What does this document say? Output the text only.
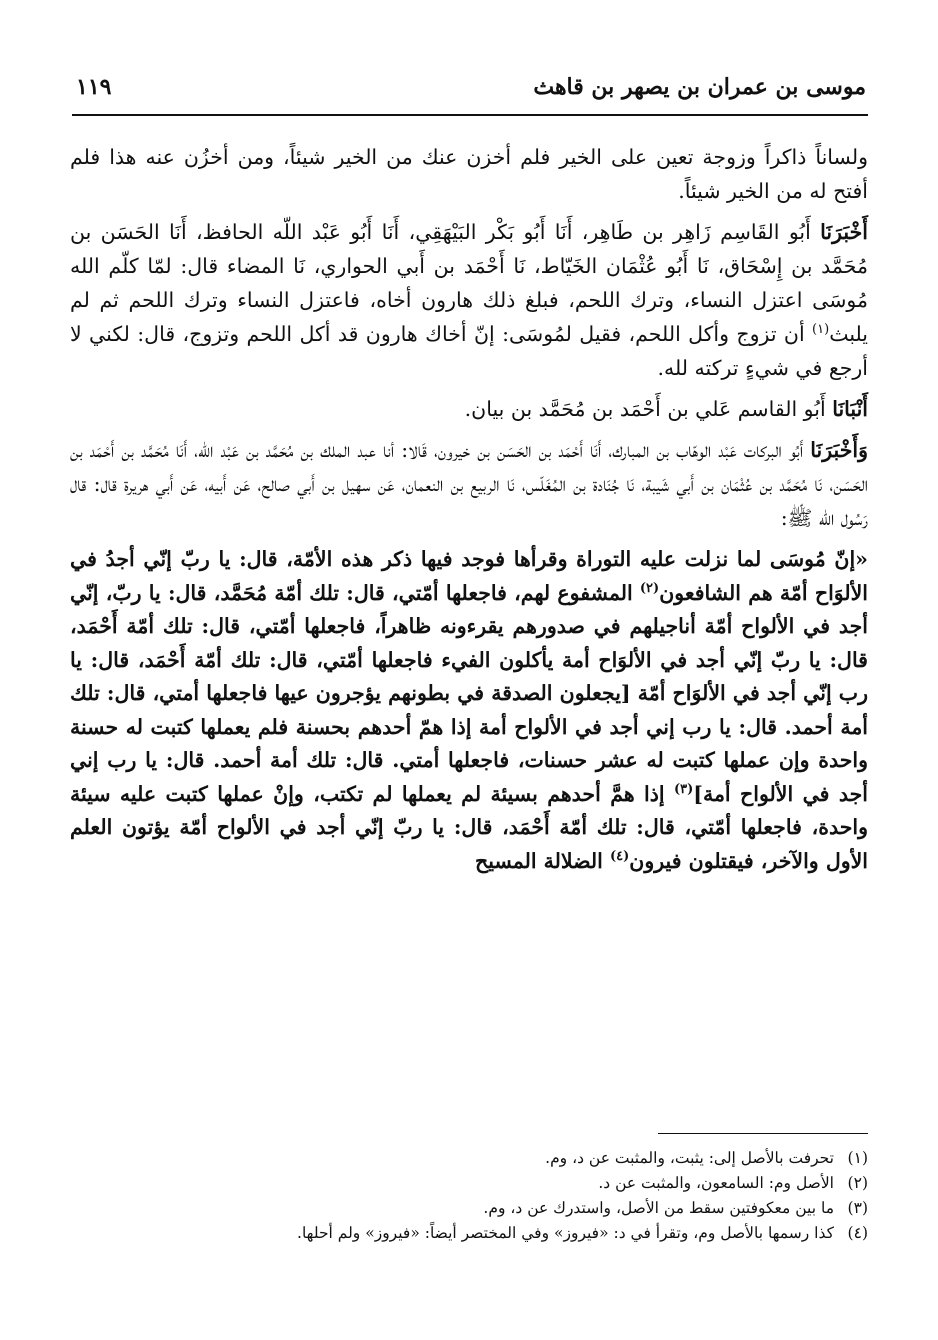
١١٩	موسى بن عمران بن يصهر بن قاهث

ولساناً ذاكراً وزوجة تعين على الخير فلم أخزن عنك من الخير شيئاً، ومن أخزُن عنه هذا فلم أفتح له من الخير شيئاً.

أَخْبَرَنَا أَبُو القَاسِم زَاهِر بن طَاهِر، أَنَا أَبُو بَكْر البَيْهَقِي، أَنَا أَبُو عَبْد اللّه الحافظ، أَنَا الحَسَن بن مُحَمَّد بن إِسْحَاق، نَا أَبُو عُثْمَان الخَيّاط، نَا أَحْمَد بن أَبي الحواري، نَا المضاء قال: لمّا كلّم الله مُوسَى اعتزل النساء، وترك اللحم، فبلغ ذلك هارون أخاه، فاعتزل النساء وترك اللحم ثم لم يلبث$^{(١)}$ أن تزوج وأكل اللحم، فقيل لمُوسَى: إنّ أخاك هارون قد أكل اللحم وتزوج، قال: لكني لا أرجع في شيءٍ تركته لله.

أَنْبَانَا أَبُو القاسم عَلي بن أَحْمَد بن مُحَمَّد بن بيان.

وَأَخْبَرَنَا أَبُو البركات عَبْد الوهّاب بن المبارك، أَنَا أَحْمَد بن الحَسَن بن خيرون، قَالا: أنا عبد الملك بن مُحَمَّد بن عَبْد اللّه، أَنَا مُحَمَّد بن أَحْمَد بن الحَسَن، نَا مُحَمَّد بن عُثْمَان بن أَبي شَيبة، نَا جُنَادة بن المُغَلّس، نَا الربيع بن النعمان، عَن سهيل بن أَبي صالح، عَن أَبيه، عَن أَبي هريرة قال: قال رَسُول الله ﷺ:

«إنّ مُوسَى لما نزلت عليه التوراة وقرأها فوجد فيها ذكر هذه الأمّة، قال: يا ربّ إنّي أجدُ في الألوَاح أمّة هم الشافعون$^{(٢)}$ المشفوع لهم، فاجعلها أمّتي، قال: تلك أمّة مُحَمَّد، قال: يا ربّ، إنّي أجد في الألواح أمّة أناجيلهم في صدورهم يقرءونه ظاهراً، فاجعلها أمّتي، قال: تلك أمّة أَحْمَد، قال: يا ربّ إنّي أجد في الألوَاح أمة يأكلون الفيء فاجعلها أمّتي، قال: تلك أمّة أَحْمَد، قال: يا رب إنّي أجد في الألوَاح أمّة [يجعلون الصدقة في بطونهم يؤجرون عيها فاجعلها أمتي، قال: تلك أمة أحمد. قال: يا رب إني أجد في الألواح أمة إذا همّ أحدهم بحسنة فلم يعملها كتبت له حسنة واحدة وإن عملها كتبت له عشر حسنات، فاجعلها أمتي. قال: تلك أمة أحمد. قال: يا رب إني أجد في الألواح أمة]$^{(٣)}$ إذا همَّ أحدهم بسيئة لم يعملها لم تكتب، وإنْ عملها كتبت عليه سيئة واحدة، فاجعلها أمّتي، قال: تلك أمّة أَحْمَد، قال: يا ربّ إنّي أجد في الألواح أمّة يؤتون العلم الأول والآخر، فيقتلون فيرون$^{(٤)}$ الضلالة المسيح

(١)تحرفت بالأصل إلى: يثبت، والمثبت عن د، وم.
(٢)الأصل وم: السامعون، والمثبت عن د.
(٣)ما بين معكوفتين سقط من الأصل، واستدرك عن د، وم.
(٤)كذا رسمها بالأصل وم، وتقرأ في د: «فيروز» وفي المختصر أيضاً: «فيروز» ولم أحلها.
